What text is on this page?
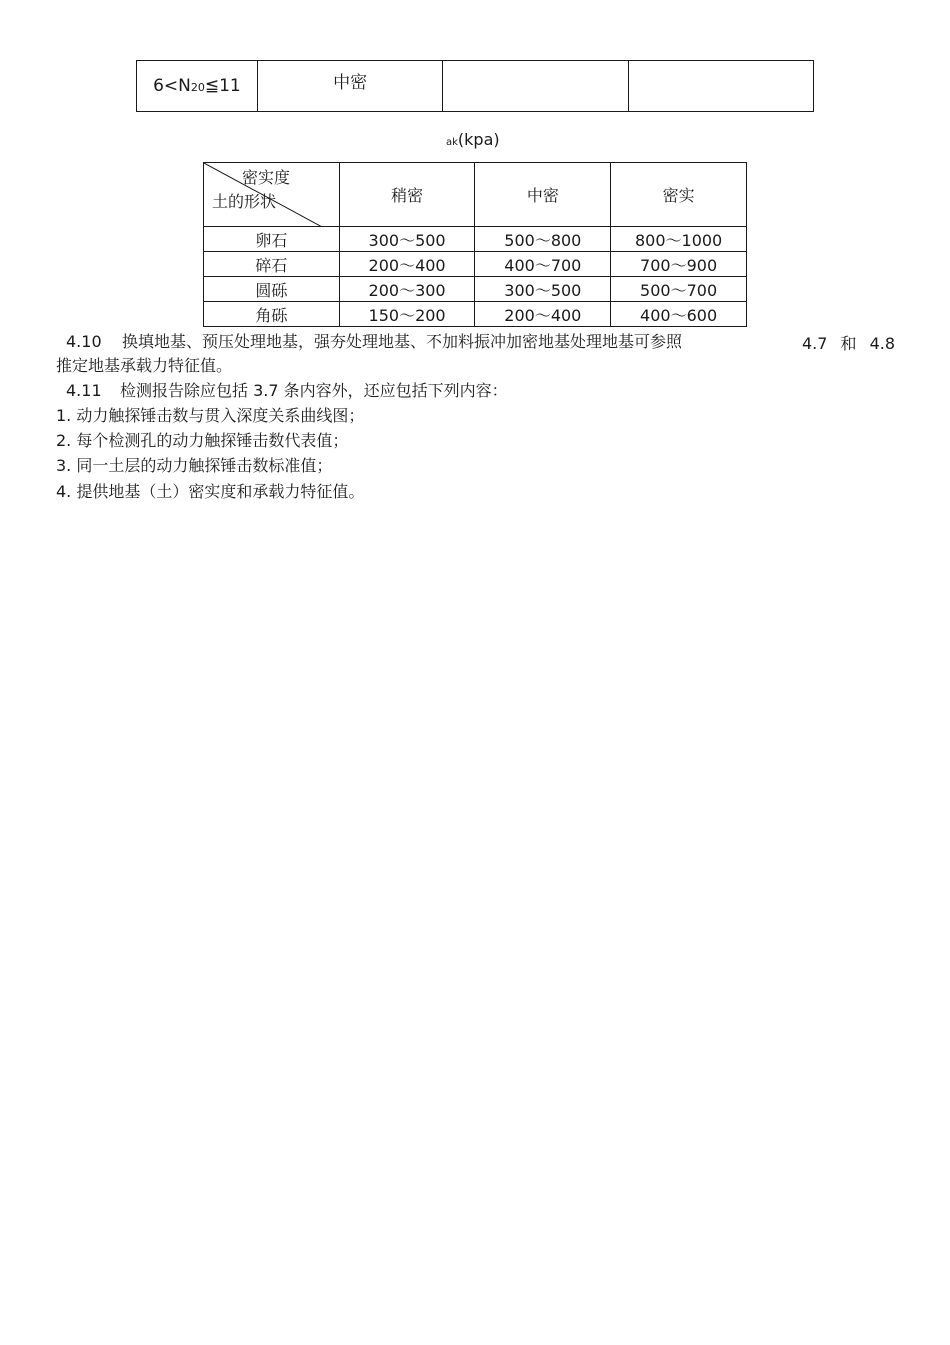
6<N20≦11	中密		
ak(kpa)
密实度
土的形状	稍密	中密	密实
卵石	300～500	500～800	800～1000
碎石	200～400	400～700	700～900
圆砾	200～300	300～500	500～700
角砾	150～200	200～400	400～600
4.10 换填地基、预压处理地基，强夯处理地基、不加料振冲加密地基处理地基可参照	4.7 和 4.8
推定地基承载力特征值。
4.11 检测报告除应包括 3.7 条内容外，还应包括下列内容：
1. 动力触探锤击数与贯入深度关系曲线图；
2. 每个检测孔的动力触探锤击数代表值；
3. 同一土层的动力触探锤击数标准值；
4. 提供地基（土）密实度和承载力特征值。
